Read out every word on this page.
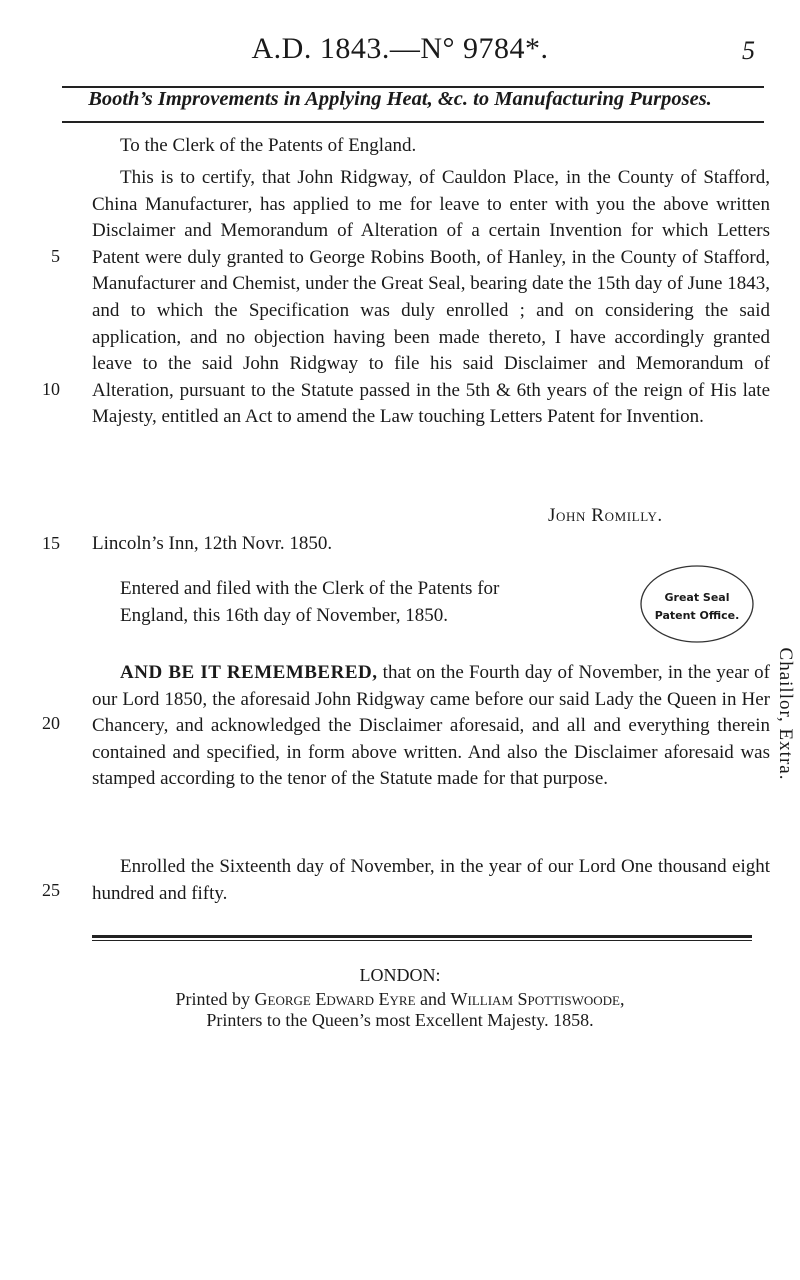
A.D. 1843.—N° 9784*.	5
Booth’s Improvements in Applying Heat, &c. to Manufacturing Purposes.

To the Clerk of the Patents of England.

This is to certify, that John Ridgway, of Cauldon Place, in the County of Stafford, China Manufacturer, has applied to me for leave to enter with you the above written Disclaimer and Memorandum of Alteration of a certain Invention for which Letters Patent were duly granted to George Robins Booth, of Hanley, in the County of Stafford, Manufacturer and Chemist, under the Great Seal, bearing date the 15th day of June 1843, and to which the Specification was duly enrolled ; and on considering the said application, and no objection having been made thereto, I have accordingly granted leave to the said John Ridgway to file his said Disclaimer and Memorandum of Alteration, pursuant to the Statute passed in the 5th & 6th years of the reign of His late Majesty, entitled an Act to amend the Law touching Letters Patent for Invention.

John Romilly.
Lincoln’s Inn, 12th Novr. 1850.
Entered and filed with the Clerk of the Patents for England, this 16th day of November, 1850.
Great Seal
Patent Office.

AND BE IT REMEMBERED, that on the Fourth day of November, in the year of our Lord 1850, the aforesaid John Ridgway came before our said Lady the Queen in Her Chancery, and acknowledged the Disclaimer aforesaid, and all and everything therein contained and specified, in form above written. And also the Disclaimer aforesaid was stamped according to the tenor of the Statute made for that purpose.

Enrolled the Sixteenth day of November, in the year of our Lord One thousand eight hundred and fifty.

5
10
15
20
25
Chaillor, Extra.
LONDON:
Printed by George Edward Eyre and William Spottiswoode,
Printers to the Queen’s most Excellent Majesty. 1858.
